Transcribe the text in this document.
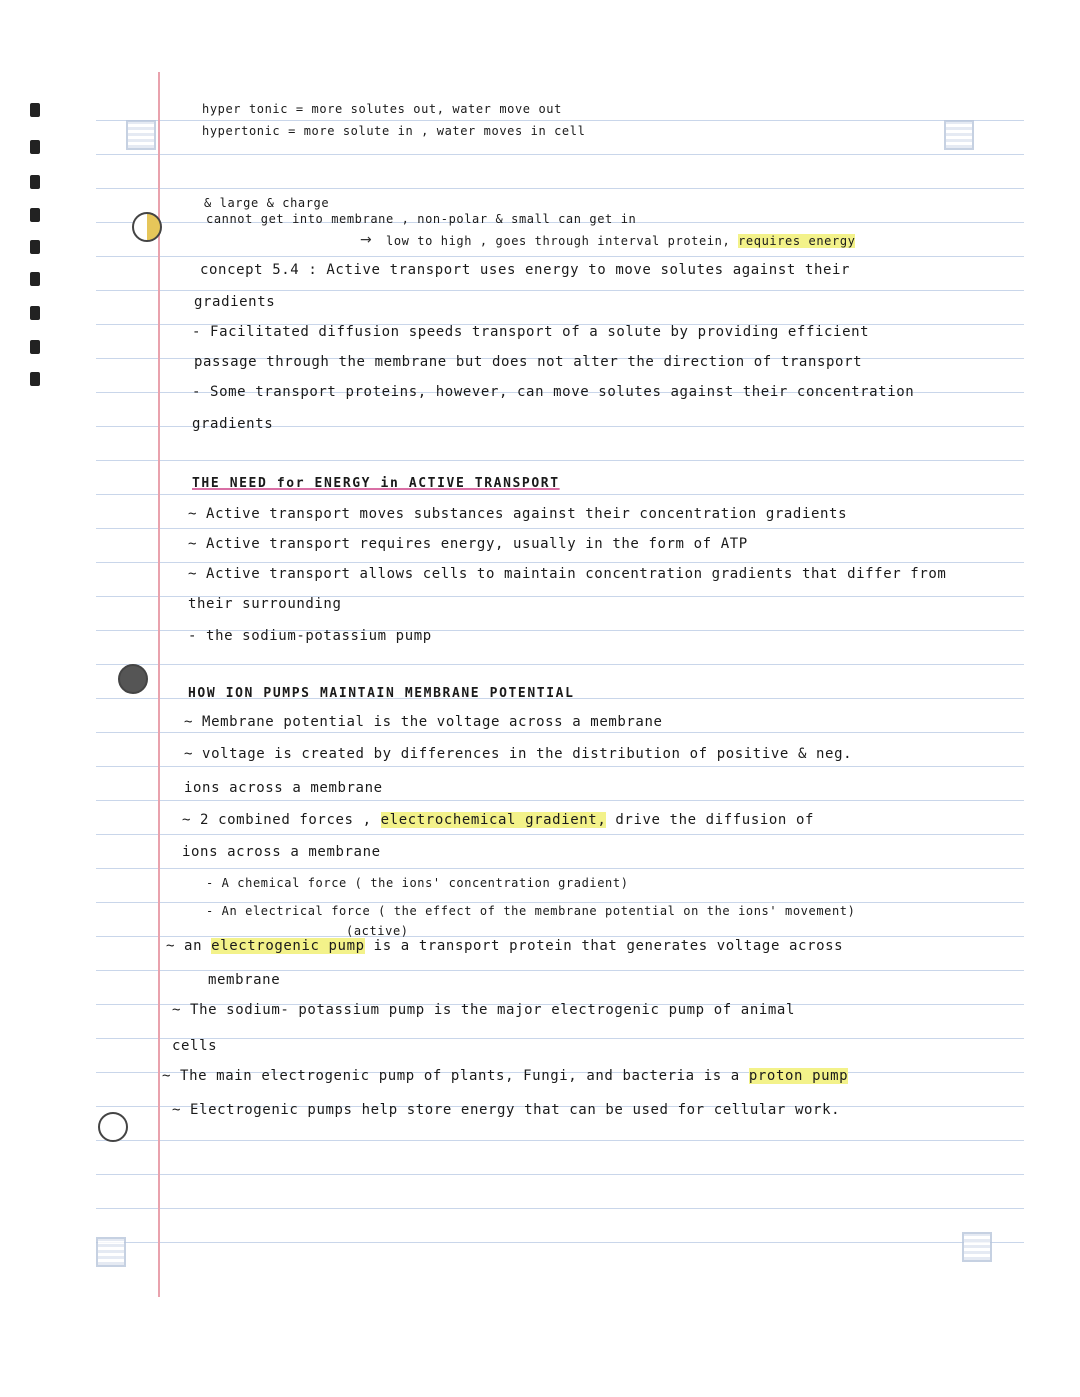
hyper tonic = more solutes out, water move out
hypertonic = more solute in , water moves in cell
& large & charge
cannot get into membrane , non-polar & small can get in
→ low to high , goes through interval protein, requires energy
concept 5.4 : Active transport uses energy to move solutes against their
gradients
- Facilitated diffusion speeds transport of a solute by providing efficient
passage through the membrane but does not alter the direction of transport
- Some transport proteins, however, can move solutes against their concentration
gradients
THE NEED for ENERGY in ACTIVE TRANSPORT
~ Active transport moves substances against their concentration gradients
~ Active transport requires energy, usually in the form of ATP
~ Active transport allows cells to maintain concentration gradients that differ from
their surrounding
- the sodium-potassium pump
HOW ION PUMPS MAINTAIN MEMBRANE POTENTIAL
~ Membrane potential is the voltage across a membrane
~ voltage is created by differences in the distribution of positive & neg.
ions across a membrane
~ 2 combined forces , electrochemical gradient, drive the diffusion of
ions across a membrane
- A chemical force ( the ions' concentration gradient)
- An electrical force ( the effect of the membrane potential on the ions' movement)
(active)
~ an electrogenic pump is a transport protein that generates voltage across
membrane
~ The sodium- potassium pump is the major electrogenic pump of animal
cells
~ The main electrogenic pump of plants, Fungi, and bacteria is a proton pump
~ Electrogenic pumps help store energy that can be used for cellular work.
